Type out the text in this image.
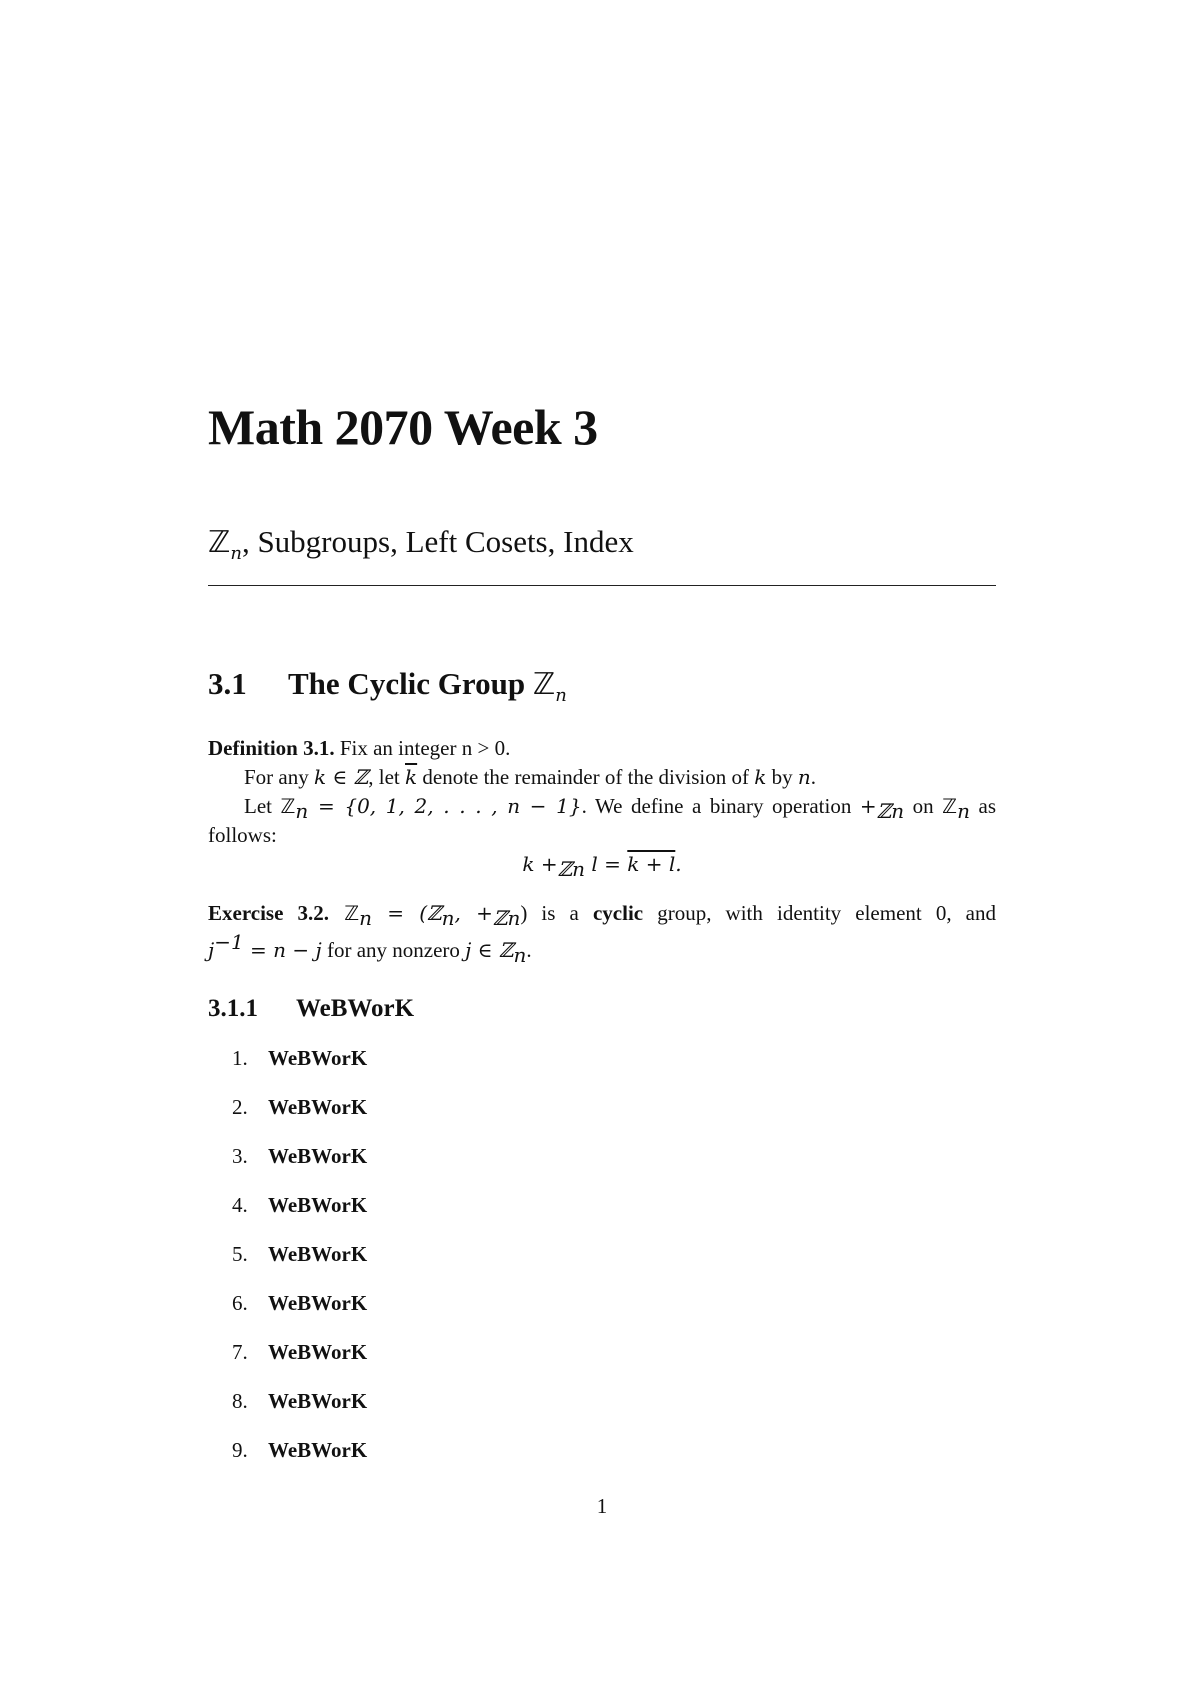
Math 2070 Week 3
ℤ$_n$, Subgroups, Left Cosets, Index
3.1 The Cyclic Group ℤ$_n$
Definition 3.1. Fix an integer n > 0.
For any k ∈ ℤ, let $\overline{k}$ denote the remainder of the division of k by n.
Let ℤ$_n$ = {0, 1, 2, . . . , n − 1}. We define a binary operation $+_{ℤn}$ on ℤ$_n$ as
follows:
$k +_{ℤn}$ l = k + l.
Exercise 3.2. ℤ$_n$ = (ℤ$_n$, $+_{ℤn}$) is a cyclic group, with identity element 0, and
$j^{-1} = n - j$ for any nonzero j ∈ ℤ$_n$.
3.1.1 WeBWorK
1. WeBWorK
2. WeBWorK
3. WeBWorK
4. WeBWorK
5. WeBWorK
6. WeBWorK
7. WeBWorK
8. WeBWorK
9. WeBWorK
1
